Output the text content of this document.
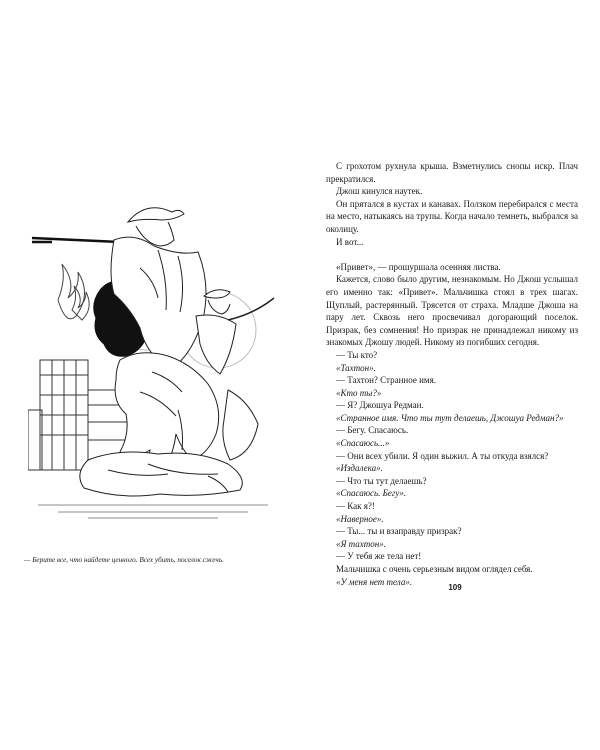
— Берите все, что найдете ценного. Всех убить, поселок сжечь.

С грохотом рухнула крыша. Взметнулись снопы искр. Плач прекратился.

Джош кинулся наутек.

Он прятался в кустах и канавах. Ползком перебирался с места на место, натыкаясь на трупы. Когда начало темнеть, выбрался за околицу.

И вот...

«Привет», — прошуршала осенняя листва.

Кажется, слово было другим, незнакомым. Но Джош услышал его именно так: «Привет». Мальчишка стоял в трех шагах. Щуплый, растерянный. Трясется от страха. Младше Джоша на пару лет. Сквозь него просвечивал догорающий поселок. Призрак, без сомнения! Но призрак не принадлежал никому из знакомых Джошу людей. Никому из погибших сегодня.

— Ты кто?

«Тахтон».

— Тахтон? Странное имя.

«Кто ты?»

— Я? Джошуа Редман.

«Странное имя. Что ты тут делаешь, Джошуа Редман?»

— Бегу. Спасаюсь.

«Спасаюсь...»

— Они всех убили. Я один выжил. А ты откуда взялся?

«Издалека».

— Что ты тут делаешь?

«Спасаюсь. Бегу».

— Как я?!

«Наверное».

— Ты... ты и взаправду призрак?

«Я тахтон».

— У тебя же тела нет!

Мальчишка с очень серьезным видом оглядел себя.

«У меня нет тела».

109
